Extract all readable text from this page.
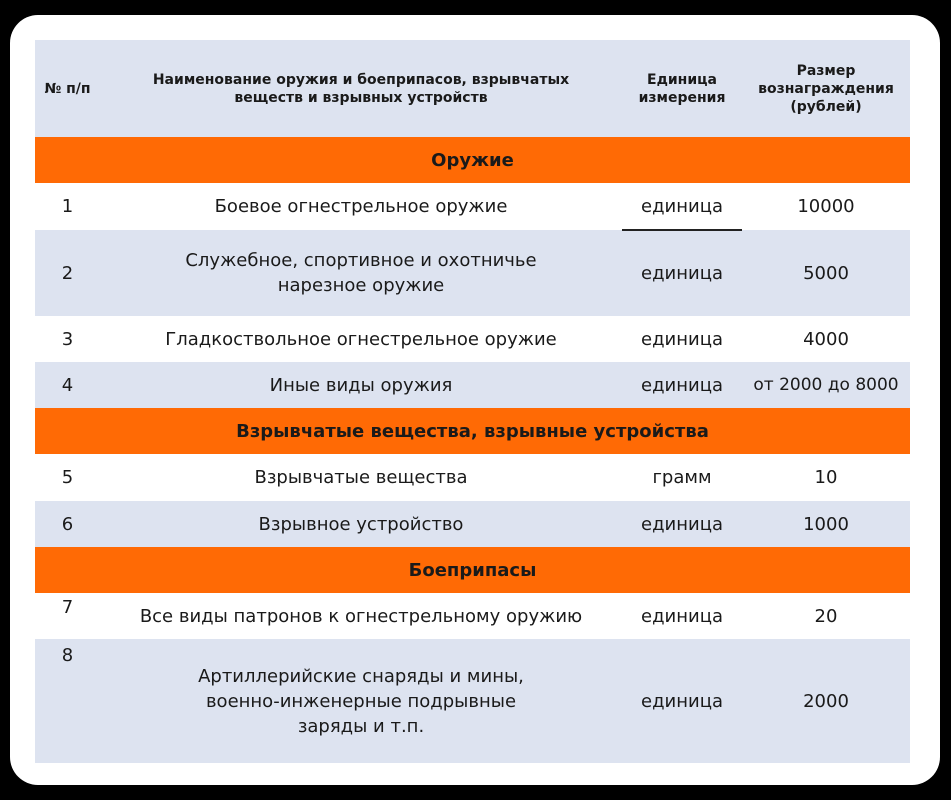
№ п/п	Наименование оружия и боеприпасов, взрывчатых веществ и взрывных устройств	Единица измерения	Размер вознаграждения (рублей)
Оружие			
1	Боевое огнестрельное оружие	единица	10000
2	Служебное, спортивное и охотничье нарезное оружие	единица	5000
3	Гладкоствольное огнестрельное оружие	единица	4000
4	Иные виды оружия	единица	от 2000 до 8000
Взрывчатые вещества, взрывные устройства			
5	Взрывчатые вещества	грамм	10
6	Взрывное устройство	единица	1000
Боеприпасы			
7	Все виды патронов к огнестрельному оружию	единица	20
8	Артиллерийские снаряды и мины, военно-инженерные подрывные заряды и т.п.	единица	2000
